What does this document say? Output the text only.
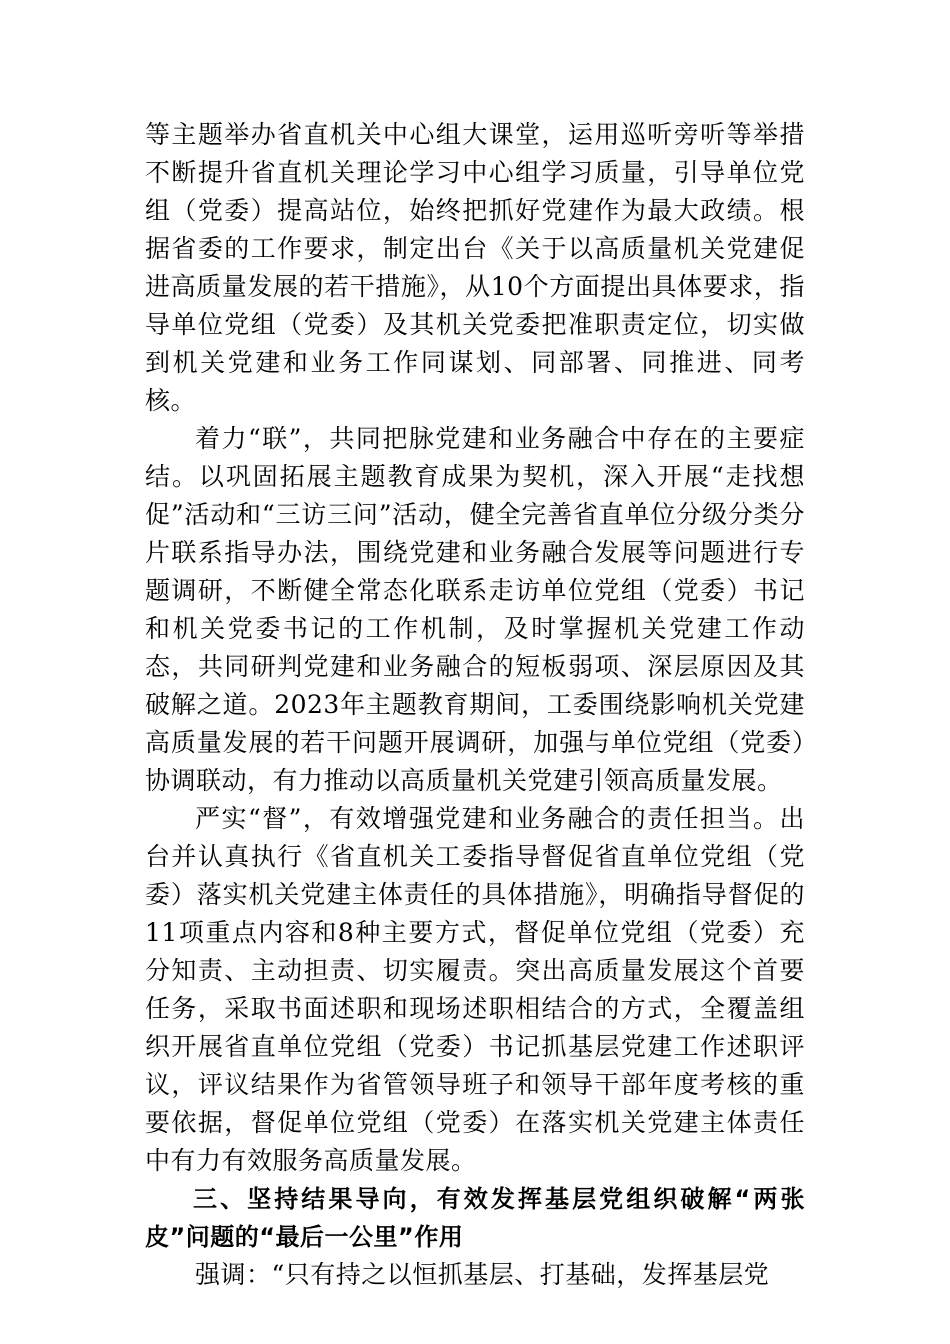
等主题举办省直机关中心组大课堂，运用巡听旁听等举措不断提升省直机关理论学习中心组学习质量，引导单位党组（党委）提高站位，始终把抓好党建作为最大政绩。根据省委的工作要求，制定出台《关于以高质量机关党建促进高质量发展的若干措施》，从10个方面提出具体要求，指导单位党组（党委）及其机关党委把准职责定位，切实做到机关党建和业务工作同谋划、同部署、同推进、同考核。

着力“联”，共同把脉党建和业务融合中存在的主要症结。以巩固拓展主题教育成果为契机，深入开展“走找想促”活动和“三访三问”活动，健全完善省直单位分级分类分片联系指导办法，围绕党建和业务融合发展等问题进行专题调研，不断健全常态化联系走访单位党组（党委）书记和机关党委书记的工作机制，及时掌握机关党建工作动态，共同研判党建和业务融合的短板弱项、深层原因及其破解之道。2023年主题教育期间，工委围绕影响机关党建高质量发展的若干问题开展调研，加强与单位党组（党委）协调联动，有力推动以高质量机关党建引领高质量发展。

严实“督”，有效增强党建和业务融合的责任担当。出台并认真执行《省直机关工委指导督促省直单位党组（党委）落实机关党建主体责任的具体措施》，明确指导督促的11项重点内容和8种主要方式，督促单位党组（党委）充分知责、主动担责、切实履责。突出高质量发展这个首要任务，采取书面述职和现场述职相结合的方式，全覆盖组织开展省直单位党组（党委）书记抓基层党建工作述职评议，评议结果作为省管领导班子和领导干部年度考核的重要依据，督促单位党组（党委）在落实机关党建主体责任中有力有效服务高质量发展。

三、坚持结果导向，有效发挥基层党组织破解“两张皮”问题的“最后一公里”作用

强调：“只有持之以恒抓基层、打基础，发挥基层党
